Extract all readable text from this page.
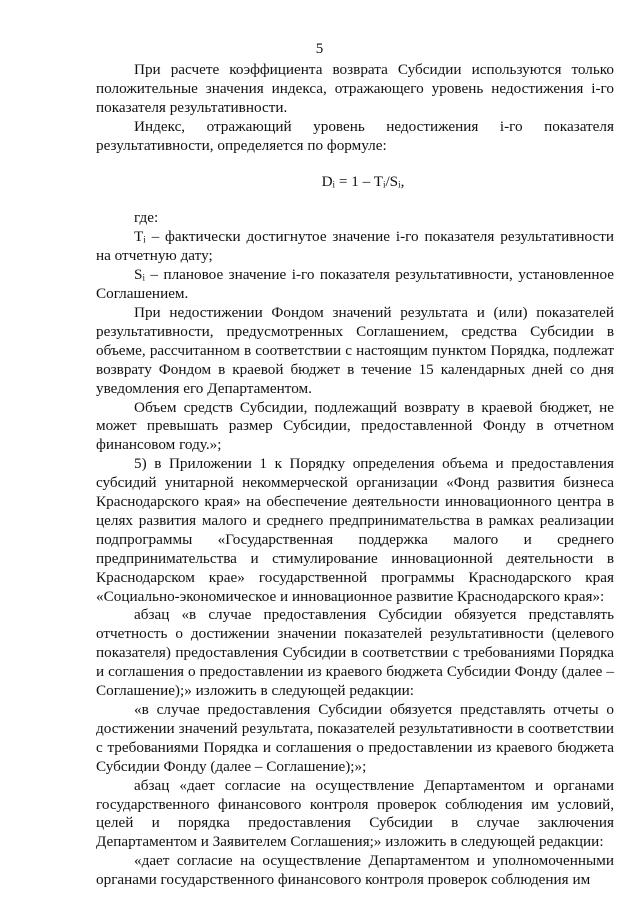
5

При расчете коэффициента возврата Субсидии используются только положительные значения индекса, отражающего уровень недостижения i-го показателя результативности.

Индекс, отражающий уровень недостижения i-го показателя результативности, определяется по формуле:

Dᵢ = 1 – Tᵢ/Sᵢ,

где:

Tᵢ – фактически достигнутое значение i-го показателя результативности на отчетную дату;

Sᵢ – плановое значение i-го показателя результативности, установленное Соглашением.

При недостижении Фондом значений результата и (или) показателей результативности, предусмотренных Соглашением, средства Субсидии в объеме, рассчитанном в соответствии с настоящим пунктом Порядка, подлежат возврату Фондом в краевой бюджет в течение 15 календарных дней со дня уведомления его Департаментом.

Объем средств Субсидии, подлежащий возврату в краевой бюджет, не может превышать размер Субсидии, предоставленной Фонду в отчетном финансовом году.»;

5) в Приложении 1 к Порядку определения объема и предоставления субсидий унитарной некоммерческой организации «Фонд развития бизнеса Краснодарского края» на обеспечение деятельности инновационного центра в целях развития малого и среднего предпринимательства в рамках реализации подпрограммы «Государственная поддержка малого и среднего предпринимательства и стимулирование инновационной деятельности в Краснодарском крае» государственной программы Краснодарского края «Социально-экономическое и инновационное развитие Краснодарского края»:

абзац «в случае предоставления Субсидии обязуется представлять отчетность о достижении значении показателей результативности (целевого показателя) предоставления Субсидии в соответствии с требованиями Порядка и соглашения о предоставлении из краевого бюджета Субсидии Фонду (далее – Соглашение);» изложить в следующей редакции:

«в случае предоставления Субсидии обязуется представлять отчеты о достижении значений результата, показателей результативности в соответствии с требованиями Порядка и соглашения о предоставлении из краевого бюджета Субсидии Фонду (далее – Соглашение);»;

абзац «дает согласие на осуществление Департаментом и органами государственного финансового контроля проверок соблюдения им условий, целей и порядка предоставления Субсидии в случае заключения Департаментом и Заявителем Соглашения;» изложить в следующей редакции:

«дает согласие на осуществление Департаментом и уполномоченными органами государственного финансового контроля проверок соблюдения им
